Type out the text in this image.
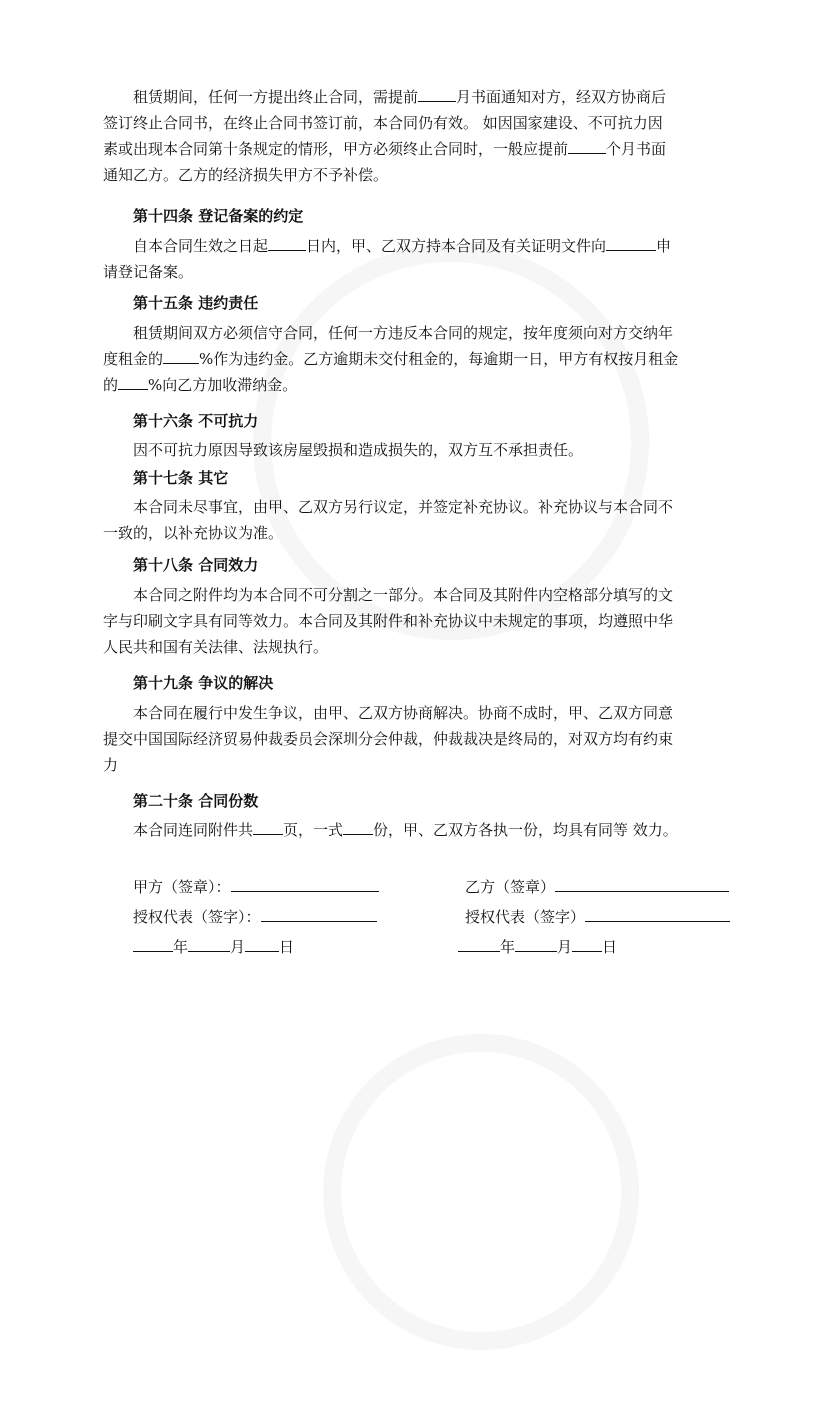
租赁期间，任何一方提出终止合同，需提前	月书面通知对方，经双方协商后
签订终止合同书，在终止合同书签订前，本合同仍有效。 如因国家建设、不可抗力因
素或出现本合同第十条规定的情形，甲方必须终止合同时，一般应提前	个月书面
通知乙方。乙方的经济损失甲方不予补偿。
第十四条 登记备案的约定
自本合同生效之日起	日内，甲、乙双方持本合同及有关证明文件向	申
请登记备案。
第十五条 违约责任
租赁期间双方必须信守合同，任何一方违反本合同的规定，按年度须向对方交纳年
度租金的 %作为违约金。乙方逾期未交付租金的，每逾期一日，甲方有权按月租金
的 %向乙方加收滞纳金。
第十六条 不可抗力
因不可抗力原因导致该房屋毁损和造成损失的，双方互不承担责任。
第十七条 其它
本合同未尽事宜，由甲、乙双方另行议定，并签定补充协议。补充协议与本合同不
一致的，以补充协议为准。
第十八条 合同效力
本合同之附件均为本合同不可分割之一部分。本合同及其附件内空格部分填写的文
字与印刷文字具有同等效力。本合同及其附件和补充协议中未规定的事项，均遵照中华
人民共和国有关法律、法规执行。
第十九条 争议的解决
本合同在履行中发生争议，由甲、乙双方协商解决。协商不成时，甲、乙双方同意
提交中国国际经济贸易仲裁委员会深圳分会仲裁，仲裁裁决是终局的，对双方均有约束
力
第二十条 合同份数
本合同连同附件共 页，一式 份，甲、乙双方各执一份，均具有同等 效力。
甲方（签章）：	乙方（签章）
授权代表（签字）：	授权代表（签字）
年	月 日	年	月 日
